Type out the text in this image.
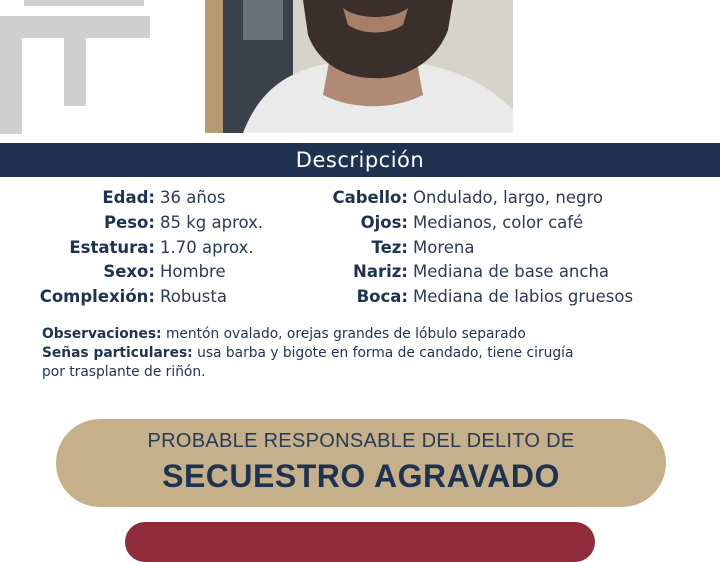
Descripción
Edad: 36 años
Peso: 85 kg aprox.
Estatura: 1.70 aprox.
Sexo: Hombre
Complexión: Robusta
Cabello: Ondulado, largo, negro
Ojos: Medianos, color café
Tez: Morena
Nariz: Mediana de base ancha
Boca: Mediana de labios gruesos

Observaciones: mentón ovalado, orejas grandes de lóbulo separado

Señas particulares: usa barba y bigote en forma de candado, tiene cirugía

por trasplante de riñón.

PROBABLE RESPONSABLE DEL DELITO DE
SECUESTRO AGRAVADO
